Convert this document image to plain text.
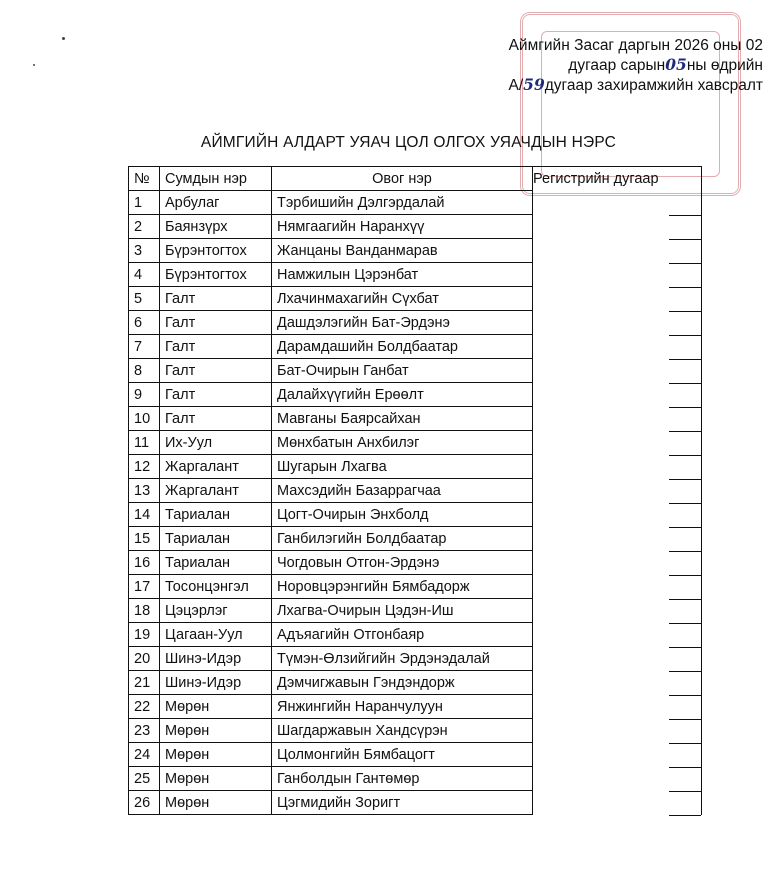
Аймгийн Засаг даргын 2026 оны 02
дугаар сарын05ны өдрийн
А/59дугаар захирамжийн хавсралт
АЙМГИЙН АЛДАРТ УЯАЧ ЦОЛ ОЛГОХ УЯАЧДЫН НЭРС
№	Сумдын нэр	Овог нэр	Регистрийн дугаар
1	Арбулаг	Тэрбишийн Дэлгэрдалай	

2	Баянзүрх	Нямгаагийн Наранхүү	

3	Бүрэнтогтох	Жанцаны Ванданмарав	

4	Бүрэнтогтох	Намжилын Цэрэнбат	

5	Галт	Лхачинмахагийн Сүхбат	

6	Галт	Дашдэлэгийн Бат-Эрдэнэ	

7	Галт	Дарамдашийн Болдбаатар	

8	Галт	Бат-Очирын Ганбат	

9	Галт	Далайхүүгийн Ерөөлт	

10	Галт	Мавганы Баярсайхан	

11	Их-Уул	Мөнхбатын Анхбилэг	

12	Жаргалант	Шугарын Лхагва	

13	Жаргалант	Махсэдийн Базаррагчаа	

14	Тариалан	Цогт-Очирын Энхболд	

15	Тариалан	Ганбилэгийн Болдбаатар	

16	Тариалан	Чогдовын Отгон-Эрдэнэ	

17	Тосонцэнгэл	Норовцэрэнгийн Бямбадорж	

18	Цэцэрлэг	Лхагва-Очирын Цэдэн-Иш	

19	Цагаан-Уул	Адъяагийн Отгонбаяр	

20	Шинэ-Идэр	Түмэн-Өлзийгийн Эрдэнэдалай	

21	Шинэ-Идэр	Дэмчигжавын Гэндэндорж	

22	Мөрөн	Янжингийн Наранчулуун	

23	Мөрөн	Шагдаржавын Хандсүрэн	

24	Мөрөн	Цолмонгийн Бямбацогт	

25	Мөрөн	Ганболдын Гантөмөр	

26	Мөрөн	Цэгмидийн Зоригт	
